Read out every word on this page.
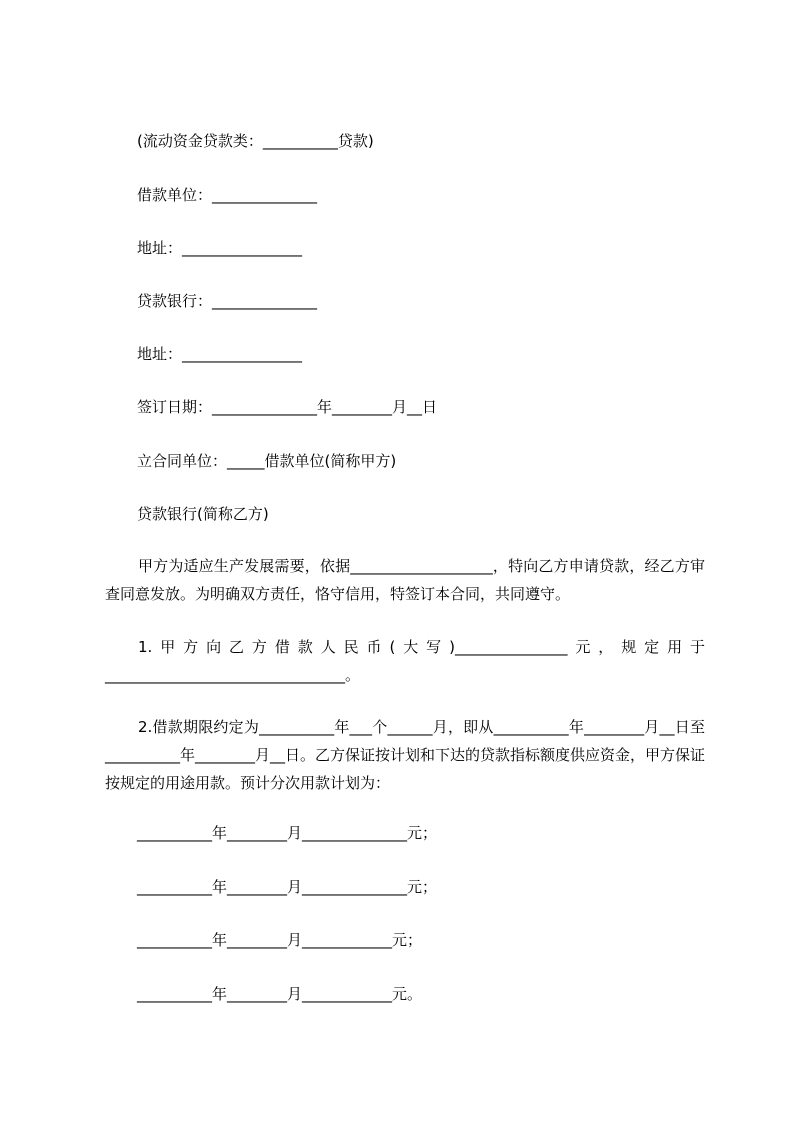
(流动资金贷款类：__________贷款)
借款单位：______________
地址：________________
贷款银行：______________
地址：________________
签订日期：______________年________月__日
立合同单位：_____借款单位(简称甲方)
贷款银行(简称乙方)
甲方为适应生产发展需要，依据___________________，特向乙方申请贷款，经乙方审查同意发放。为明确双方责任，恪守信用，特签订本合同，共同遵守。
1.甲方向乙方借款人民币(大写)_______________元，规定用于________________________________。
2.借款期限约定为__________年___个______月，即从__________年________月__日至__________年________月__日。乙方保证按计划和下达的贷款指标额度供应资金，甲方保证按规定的用途用款。预计分次用款计划为：
__________年________月______________元；
__________年________月______________元；
__________年________月____________元；
__________年________月____________元。
